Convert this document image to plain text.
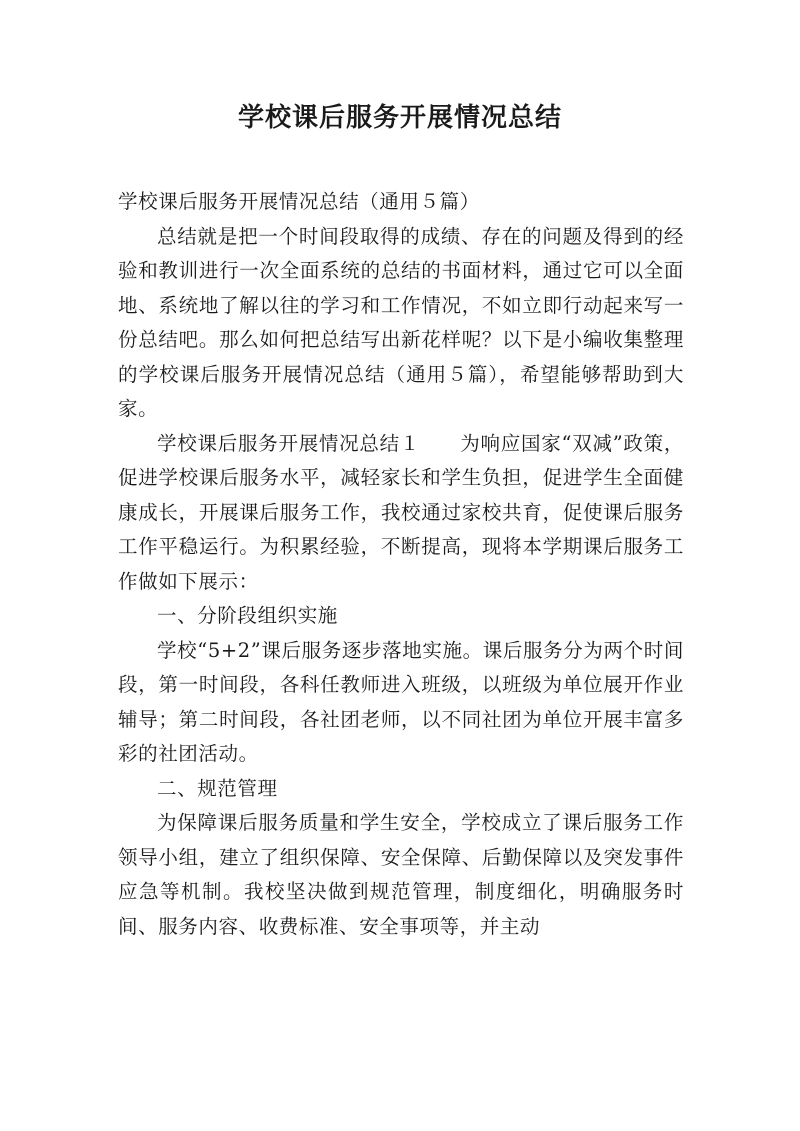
学校课后服务开展情况总结

学校课后服务开展情况总结（通用５篇）

总结就是把一个时间段取得的成绩、存在的问题及得到的经验和教训进行一次全面系统的总结的书面材料，通过它可以全面地、系统地了解以往的学习和工作情况，不如立即行动起来写一份总结吧。那么如何把总结写出新花样呢？以下是小编收集整理的学校课后服务开展情况总结（通用５篇），希望能够帮助到大家。

学校课后服务开展情况总结１ 为响应国家“双减”政策，促进学校课后服务水平，减轻家长和学生负担，促进学生全面健康成长，开展课后服务工作，我校通过家校共育，促使课后服务工作平稳运行。为积累经验，不断提高，现将本学期课后服务工作做如下展示：

一、分阶段组织实施

学校“5+2”课后服务逐步落地实施。课后服务分为两个时间段，第一时间段，各科任教师进入班级，以班级为单位展开作业辅导；第二时间段，各社团老师，以不同社团为单位开展丰富多彩的社团活动。

二、规范管理

为保障课后服务质量和学生安全，学校成立了课后服务工作领导小组，建立了组织保障、安全保障、后勤保障以及突发事件应急等机制。我校坚决做到规范管理，制度细化，明确服务时间、服务内容、收费标准、安全事项等，并主动
